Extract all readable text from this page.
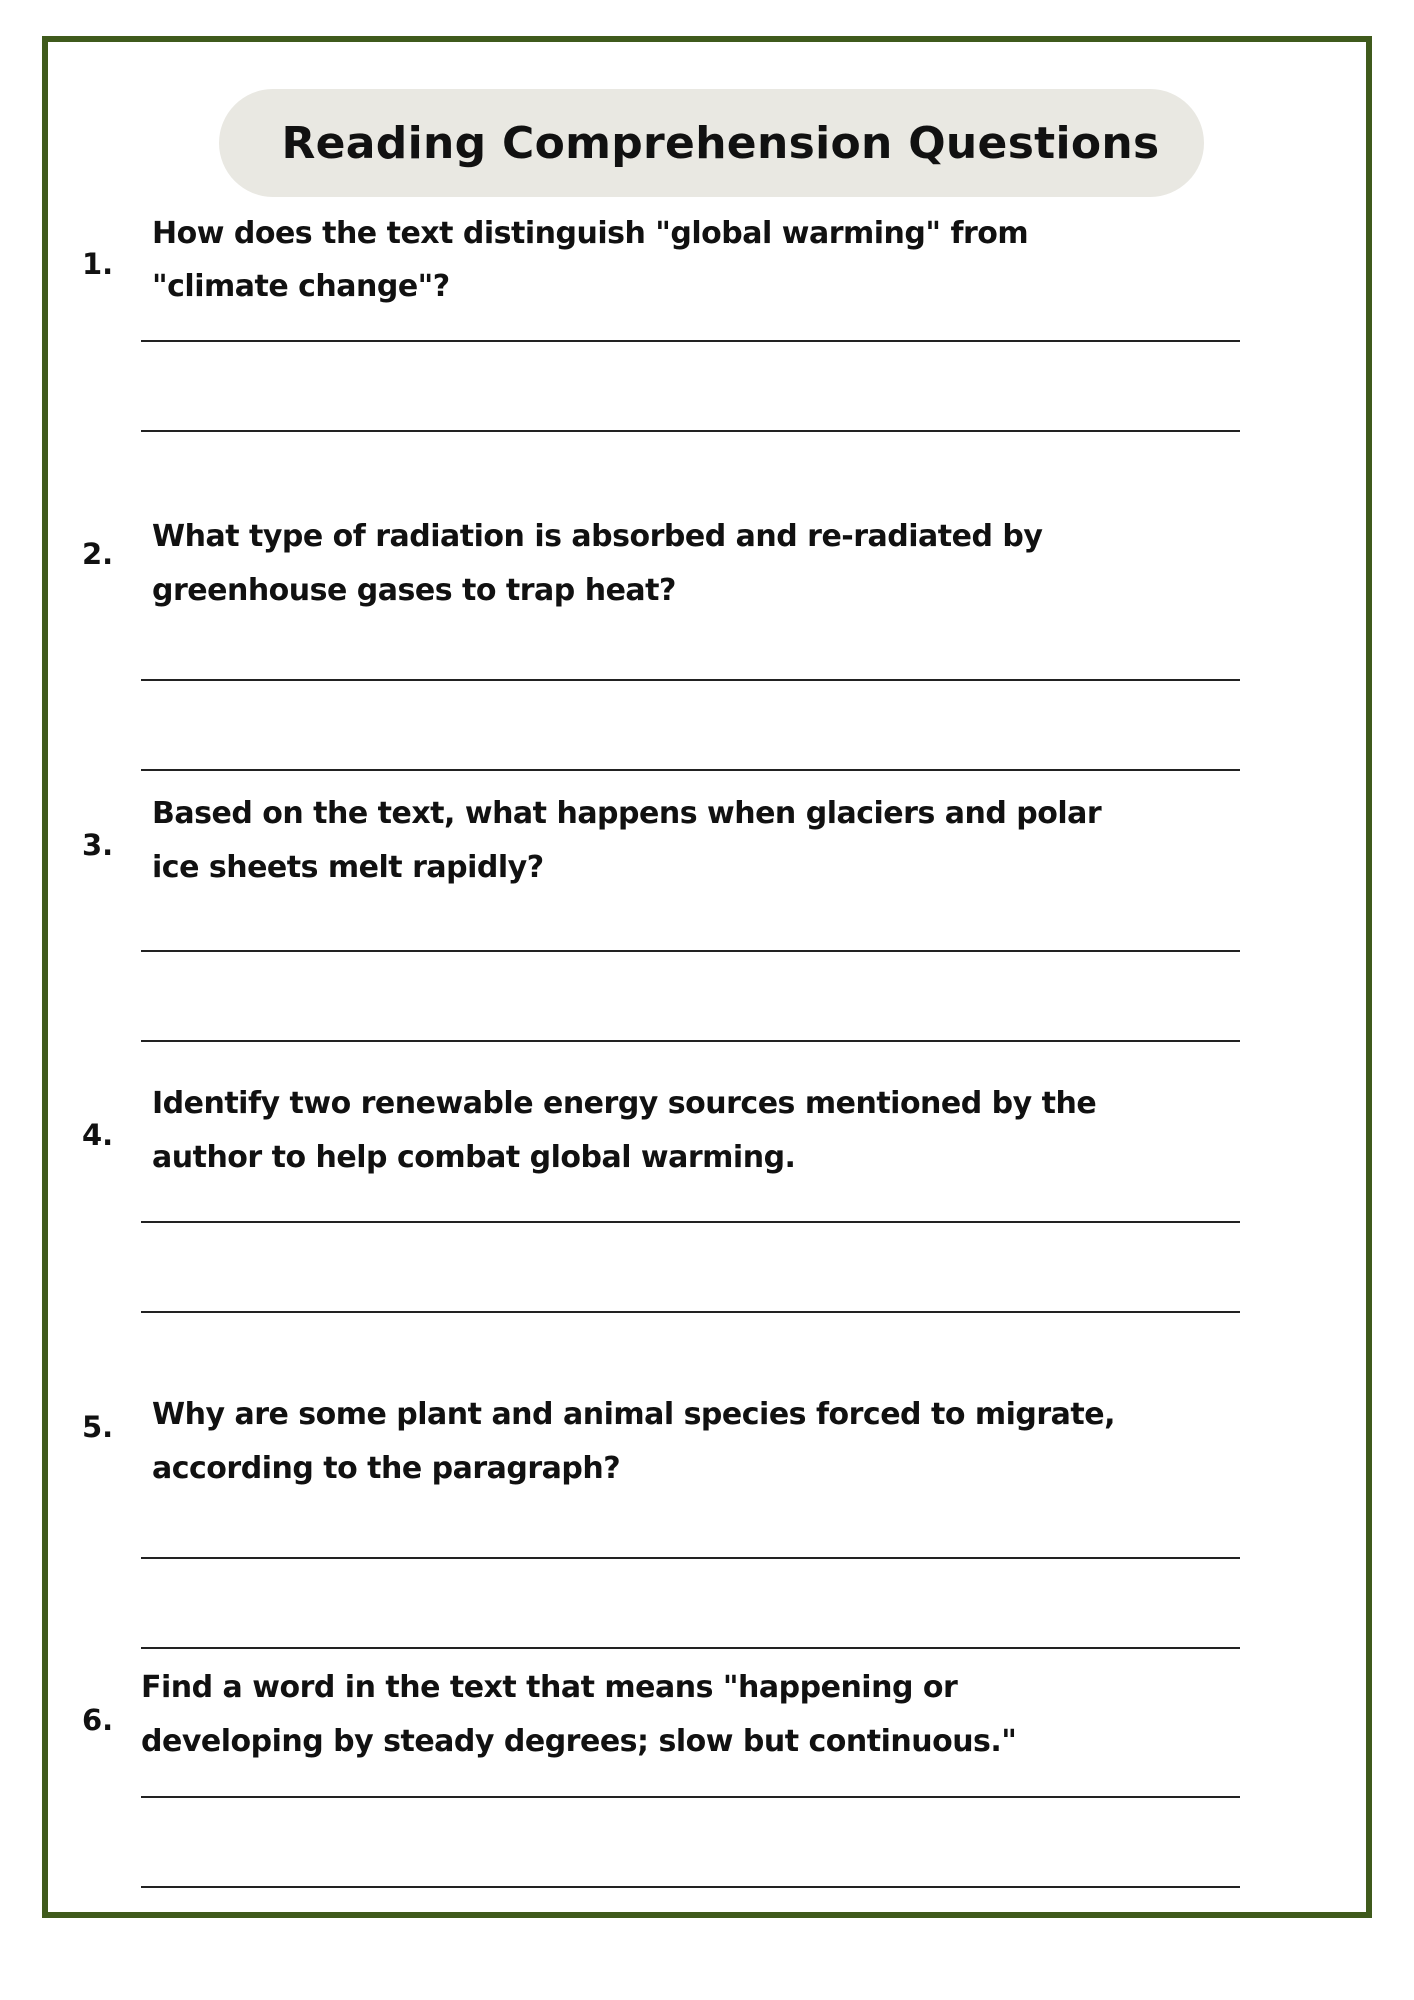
Reading Comprehension Questions
1.
How does the text distinguish "global warming" from
"climate change"?
2. What type of radiation is absorbed and re-radiated by
greenhouse gases to trap heat?
3.
Based on the text, what happens when glaciers and polar
ice sheets melt rapidly?
4.
Identify two renewable energy sources mentioned by the
author to help combat global warming.
5. Why are some plant and animal species forced to migrate,
according to the paragraph?
6.
Find a word in the text that means "happening or
developing by steady degrees; slow but continuous."
